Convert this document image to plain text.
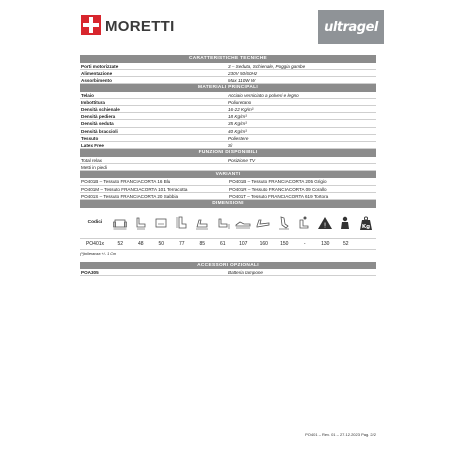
MORETTI	ultragel
CARATTERISTICHE TECNICHE
Porti motorizzate	3 – Seduta, Schienale, Poggia gambe
Alimentazione	230V 50/60Hz
Assorbimento	Max 110W W
MATERIALI PRINCIPALI
Telaio	Acciaio verniciato a polveri e legno
Imbottitura	Poliuretano
Densità schienale	16-22 Kg/m³
Densità pediera	18 Kg/m³
Densità seduta	35 Kg/m³
Densità braccioli	40 Kg/m³
Tessuto	Poliestere
Latex Free	Sì
FUNZIONI DISPONIBILI
Total relax	Posizione TV
Metti in piedi
VARIANTI
PO401B – Tessuto FRANCIACORTA 16 Blu	PO401B – Tessuto FRANCIACORTA 205 Grigio
PO401M – Tessuto FRANCIACORTA 101 Terracotta	PO401R – Tessuto FRANCIACORTA 09 Corallo
PO401S – Tessuto FRANCIACORTA 20 Sabbia	PO401T – Tessuto FRANCIACORTA 619 Tortora
DIMENSIONI
Codici	!	Kg
PO401x	52	48	50	77	85	61	107	160	150	-	130	52
(*)tolleranza +/- 1 Cm
ACCESSORI OPZIONALI
POA305	Batteria tampone
PO401 – Rev. 01 – 27.12.2023 Pag. 2/2
